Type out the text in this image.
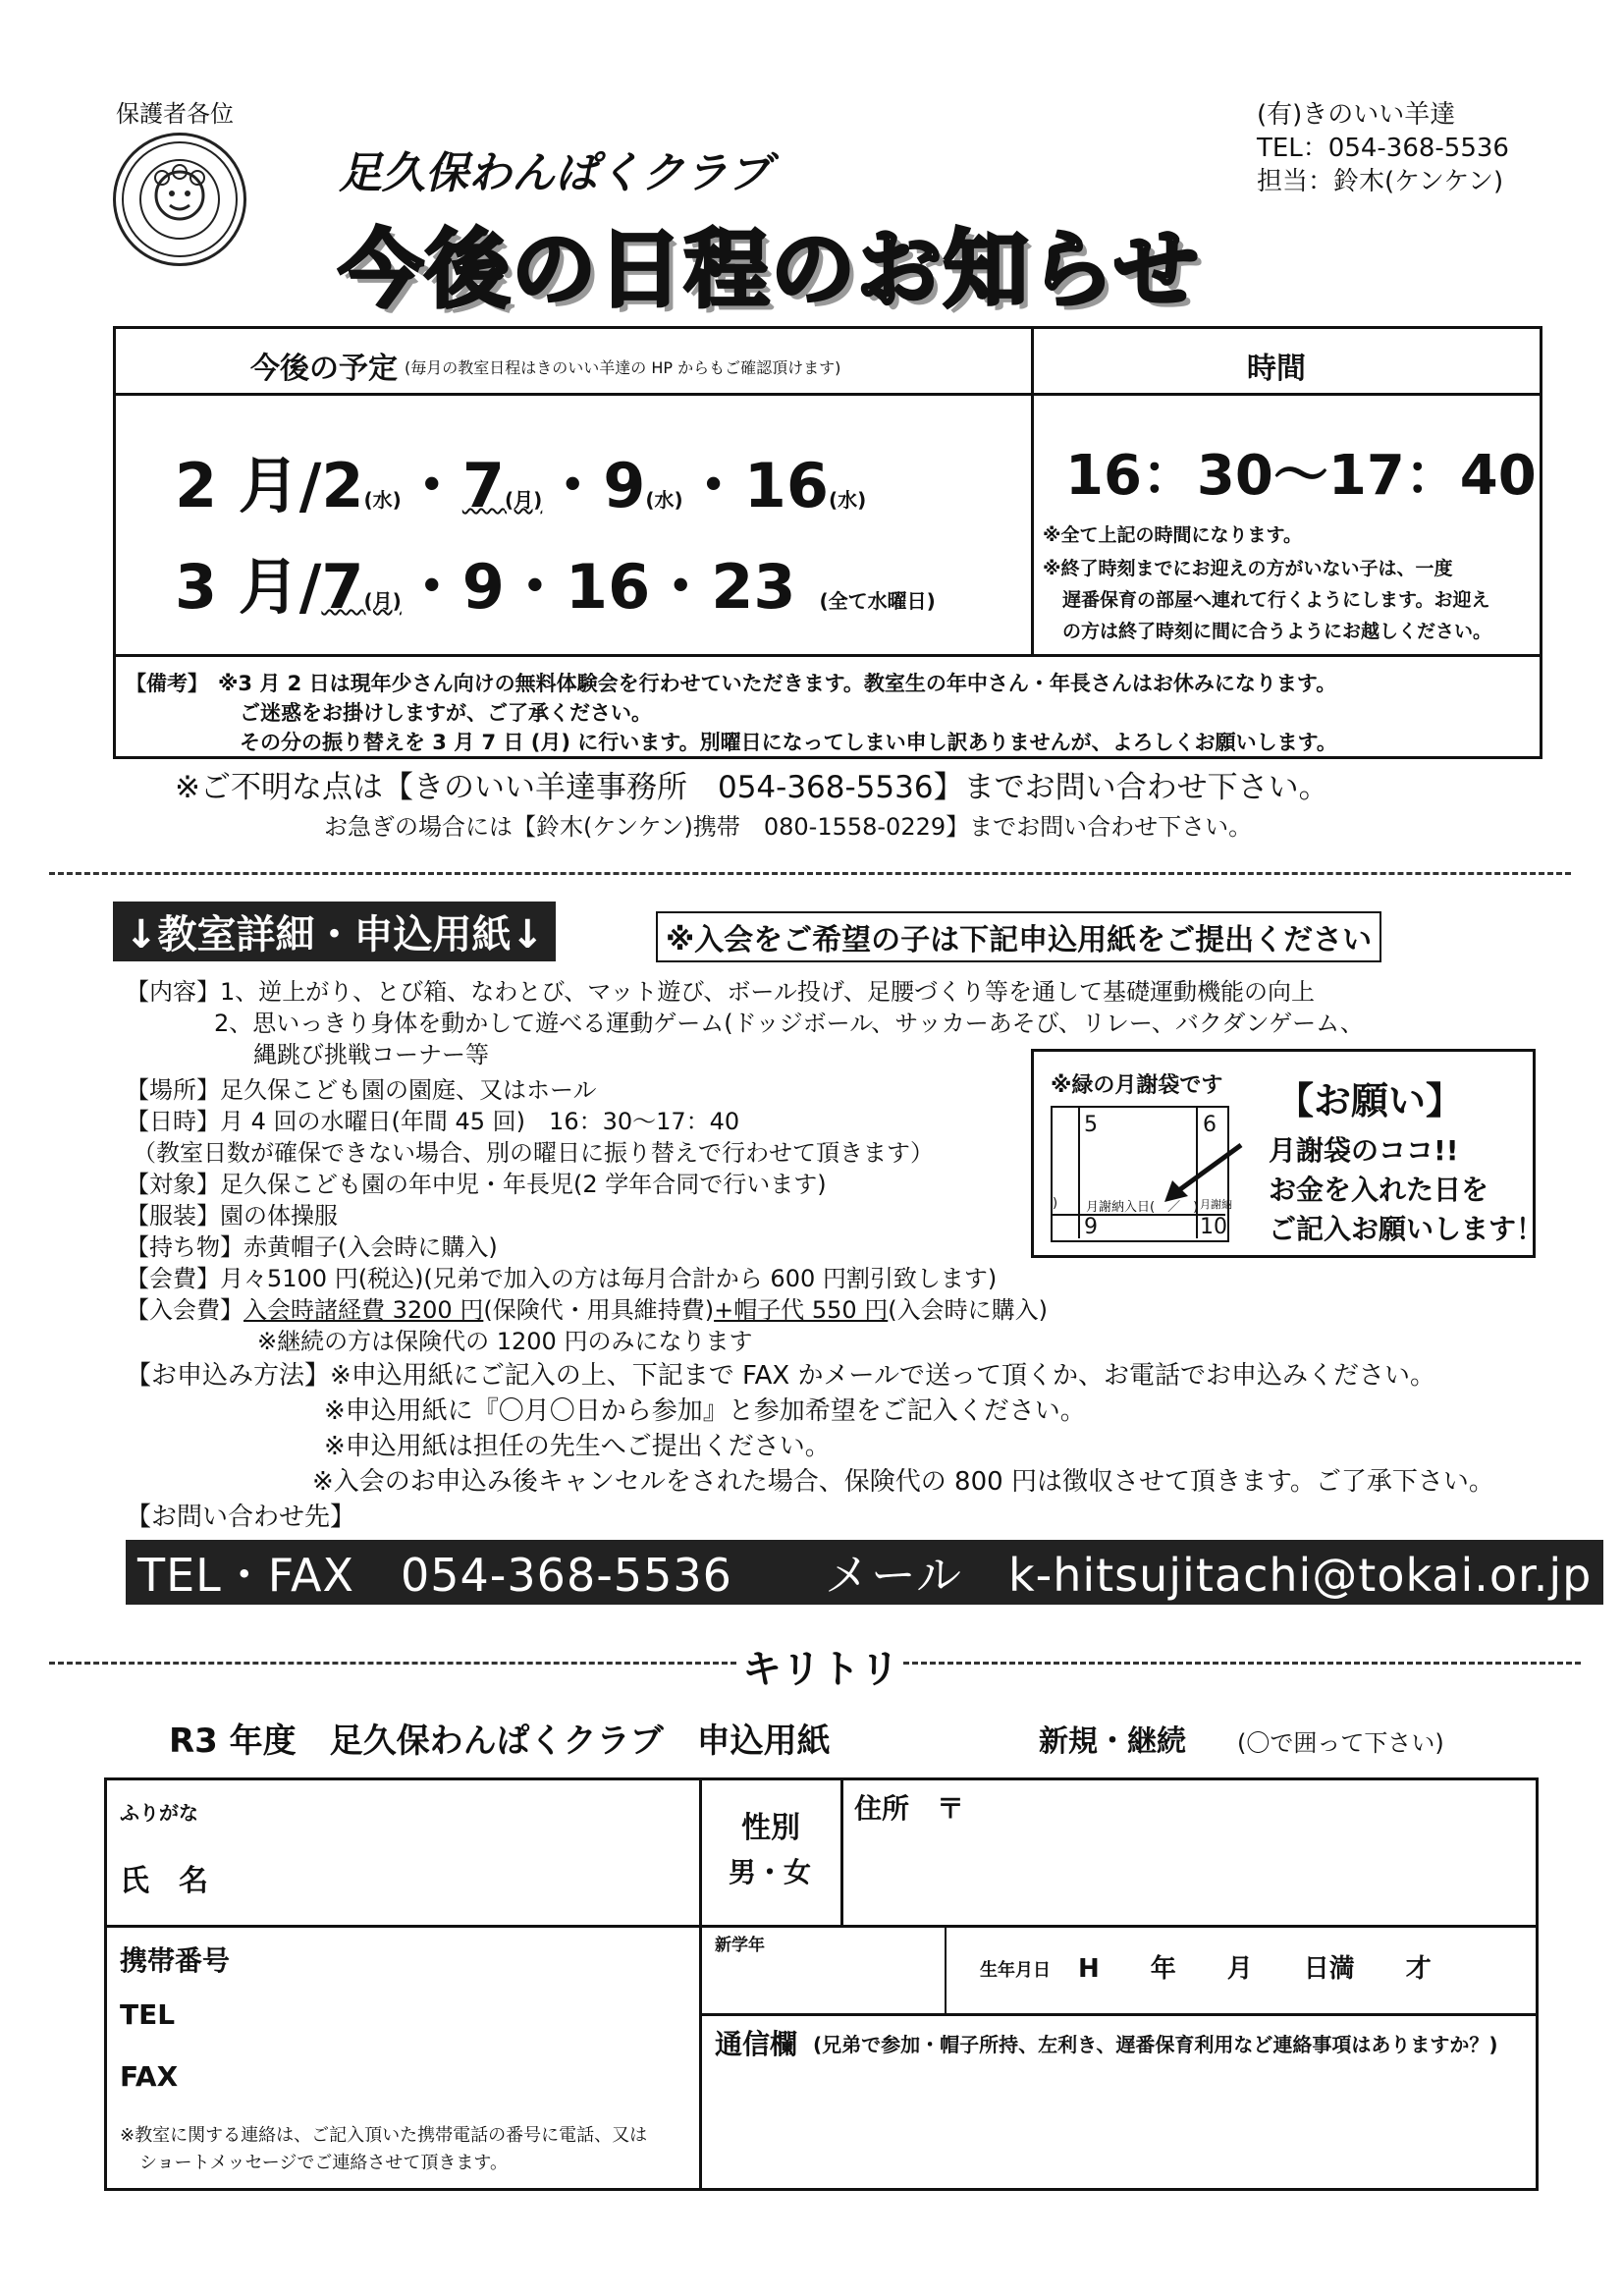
保護者各位
足久保わんぱくクラブ
今後の日程のお知らせ
(有)きのいい羊達
TEL：054-368-5536
担当：鈴木(ケンケン)
今後の予定 (毎月の教室日程はきのいい羊達の HP からもご確認頂けます)	時間
2 月/2(水)・7(月)・9(水)・16(水)
3 月/7(月)・9・16・23 (全て水曜日)
16：30～17：40
※全て上記の時間になります。
※終了時刻までにお迎えの方がいない子は、一度
遅番保育の部屋へ連れて行くようにします。お迎え
の方は終了時刻に間に合うようにお越しください。
【備考】 ※3 月 2 日は現年少さん向けの無料体験会を行わせていただきます。教室生の年中さん・年長さんはお休みになります。
ご迷惑をお掛けしますが、ご了承ください。
その分の振り替えを 3 月 7 日 (月) に行います。別曜日になってしまい申し訳ありませんが、よろしくお願いします。
※ご不明な点は【きのいい羊達事務所　054-368-5536】までお問い合わせ下さい。
お急ぎの場合には【鈴木(ケンケン)携帯　080-1558-0229】までお問い合わせ下さい。
↓教室詳細・申込用紙↓	※入会をご希望の子は下記申込用紙をご提出ください
【内容】1、逆上がり、とび箱、なわとび、マット遊び、ボール投げ、足腰づくり等を通して基礎運動機能の向上
2、思いっきり身体を動かして遊べる運動ゲーム(ドッジボール、サッカーあそび、リレー、バクダンゲーム、
縄跳び挑戦コーナー等
【場所】足久保こども園の園庭、又はホール
【日時】月 4 回の水曜日(年間 45 回)　16：30～17：40
（教室日数が確保できない場合、別の曜日に振り替えで行わせて頂きます）
【対象】足久保こども園の年中児・年長児(2 学年合同で行います)
【服装】園の体操服
【持ち物】赤黄帽子(入会時に購入)
【会費】月々5100 円(税込)(兄弟で加入の方は毎月合計から 600 円割引致します)
【入会費】入会時諸経費 3200 円(保険代・用具維持費)+帽子代 550 円(入会時に購入)
※継続の方は保険代の 1200 円のみになります
【お申込み方法】※申込用紙にご記入の上、下記まで FAX かメールで送って頂くか、お電話でお申込みください。
※申込用紙に『〇月〇日から参加』と参加希望をご記入ください。
※申込用紙は担任の先生へご提出ください。
※入会のお申込み後キャンセルをされた場合、保険代の 800 円は徴収させて頂きます。ご了承下さい。
【お問い合わせ先】
TEL・FAX　054-368-5536　　メール　k-hitsujitachi@tokai.or.jp
※緑の月謝袋です
5	6
9	10
) 月謝納入日(　／　) 月謝納
【お願い】
月謝袋のココ!!
お金を入れた日を
ご記入お願いします！
キリトリ
R3 年度　足久保わんぱくクラブ　申込用紙	新規・継続 (〇で囲って下さい)
ふりがな
氏　名
性別
男・女
住所　〒
携帯番号
TEL
FAX
※教室に関する連絡は、ご記入頂いた携帯電話の番号に電話、又は
ショートメッセージでご連絡させて頂きます。
新学年
生年月日 H　　年　　月　　日満　　才
通信欄 (兄弟で参加・帽子所持、左利き、遅番保育利用など連絡事項はありますか？)
